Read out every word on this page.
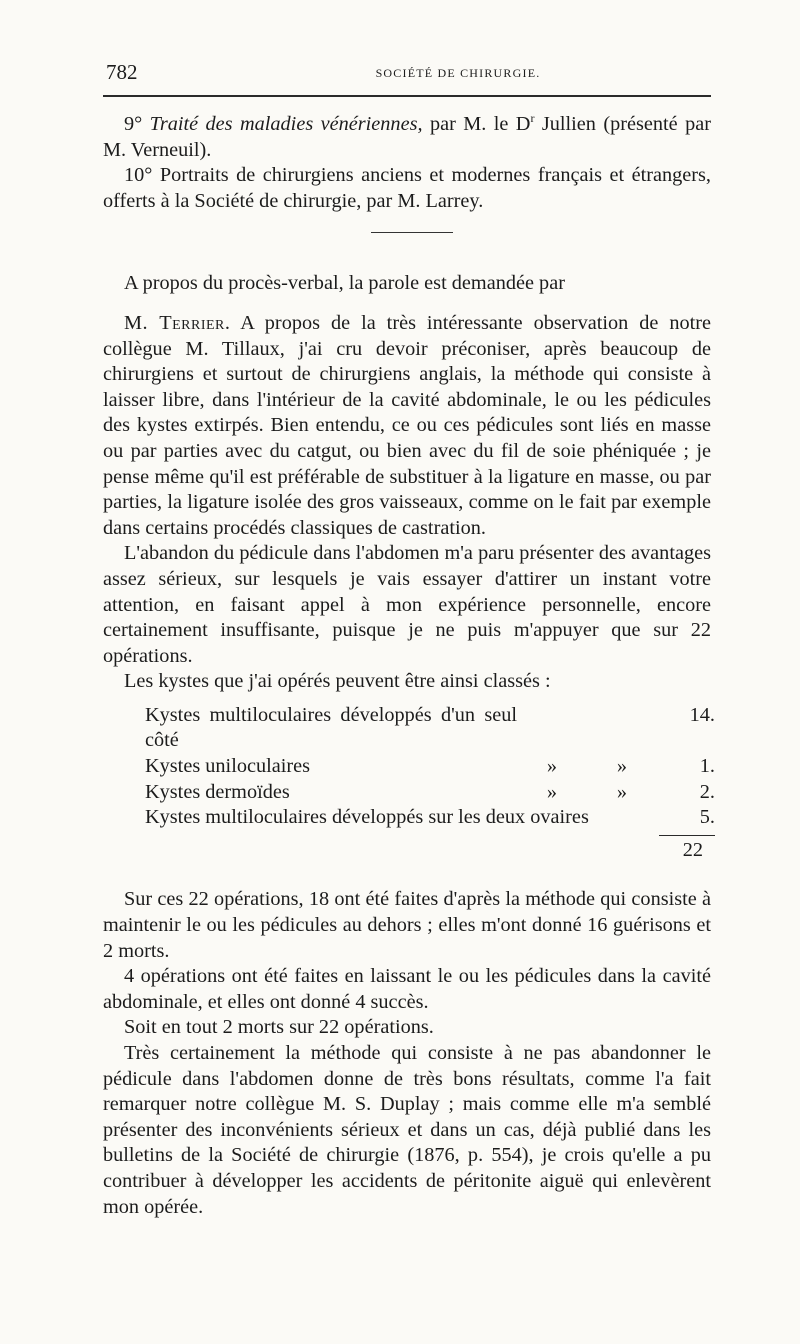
782	SOCIÉTÉ DE CHIRURGIE.

9° Traité des maladies vénériennes, par M. le $D^r$ Jullien (présenté par M. Verneuil).

10° Portraits de chirurgiens anciens et modernes français et étrangers, offerts à la Société de chirurgie, par M. Larrey.

A propos du procès-verbal, la parole est demandée par

M. Terrier. A propos de la très intéressante observation de notre collègue M. Tillaux, j'ai cru devoir préconiser, après beaucoup de chirurgiens et surtout de chirurgiens anglais, la méthode qui consiste à laisser libre, dans l'intérieur de la cavité abdominale, le ou les pédicules des kystes extirpés. Bien entendu, ce ou ces pédicules sont liés en masse ou par parties avec du catgut, ou bien avec du fil de soie phéniquée ; je pense même qu'il est préférable de substituer à la ligature en masse, ou par parties, la ligature isolée des gros vaisseaux, comme on le fait par exemple dans certains procédés classiques de castration.

L'abandon du pédicule dans l'abdomen m'a paru présenter des avantages assez sérieux, sur lesquels je vais essayer d'attirer un instant votre attention, en faisant appel à mon expérience personnelle, encore certainement insuffisante, puisque je ne puis m'appuyer que sur 22 opérations.

Les kystes que j'ai opérés peuvent être ainsi classés :

Kystes multiloculaires développés d'un seul côté			14.
Kystes uniloculaires	»	»	1.
Kystes dermoïdes	»	»	2.
Kystes multiloculaires développés sur les deux ovaires			5.
22

Sur ces 22 opérations, 18 ont été faites d'après la méthode qui consiste à maintenir le ou les pédicules au dehors ; elles m'ont donné 16 guérisons et 2 morts.

4 opérations ont été faites en laissant le ou les pédicules dans la cavité abdominale, et elles ont donné 4 succès.

Soit en tout 2 morts sur 22 opérations.

Très certainement la méthode qui consiste à ne pas abandonner le pédicule dans l'abdomen donne de très bons résultats, comme l'a fait remarquer notre collègue M. S. Duplay ; mais comme elle m'a semblé présenter des inconvénients sérieux et dans un cas, déjà publié dans les bulletins de la Société de chirurgie (1876, p. 554), je crois qu'elle a pu contribuer à développer les accidents de péritonite aiguë qui enlevèrent mon opérée.
